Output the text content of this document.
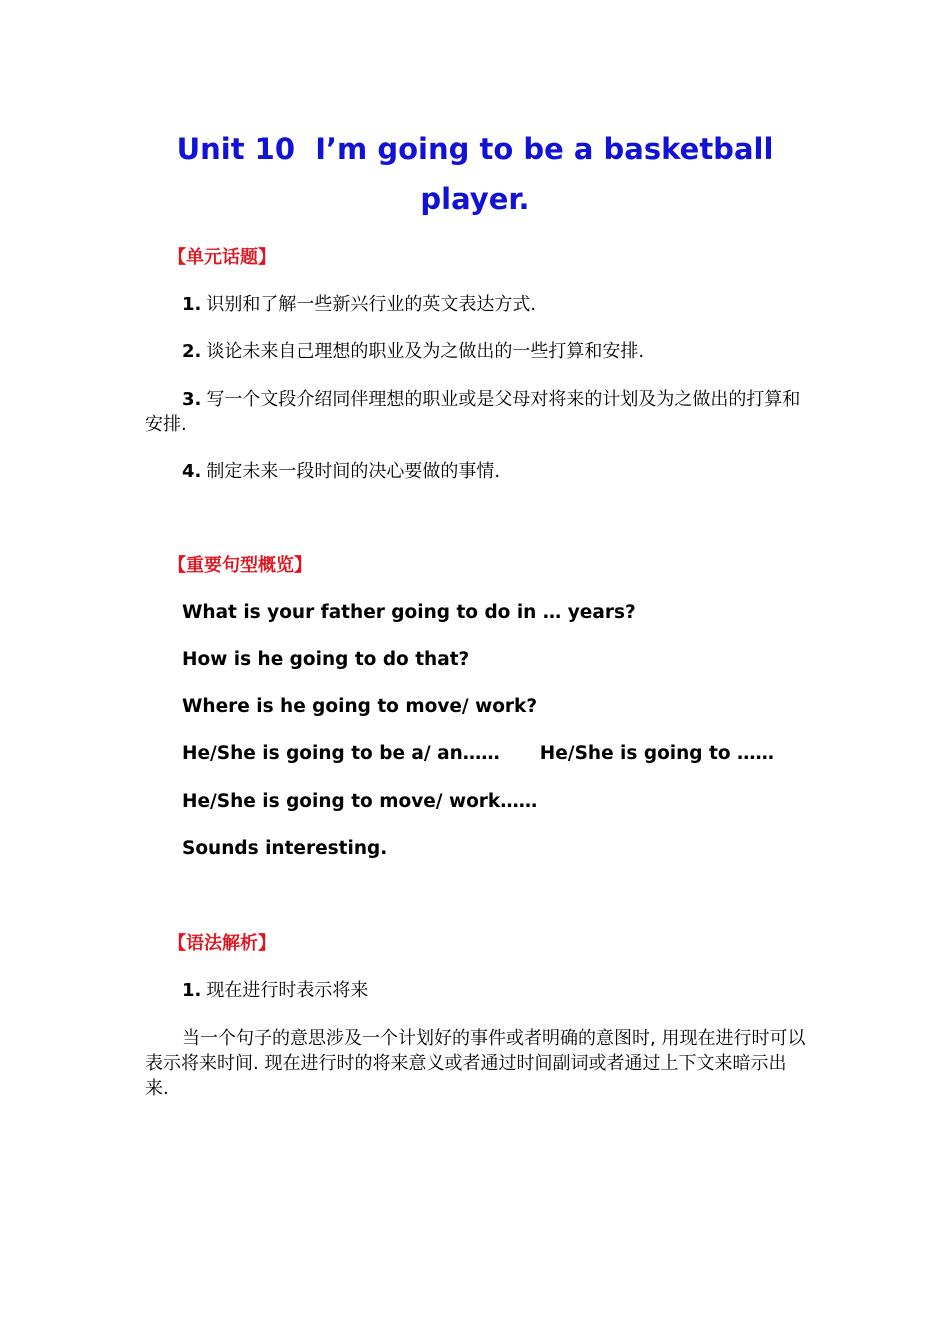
Unit 10  I’m going to be a basketball player.
【单元话题】
1. 识别和了解一些新兴行业的英文表达方式.
2. 谈论未来自己理想的职业及为之做出的一些打算和安排.
3. 写一个文段介绍同伴理想的职业或是父母对将来的计划及为之做出的打算和安排.
4. 制定未来一段时间的决心要做的事情.
【重要句型概览】
What is your father going to do in … years?
How is he going to do that?
Where is he going to move/ work?
He/She is going to be a/ an…… He/She is going to ……
He/She is going to move/ work……
Sounds interesting.
【语法解析】
1. 现在进行时表示将来
当一个句子的意思涉及一个计划好的事件或者明确的意图时, 用现在进行时可以表示将来时间. 现在进行时的将来意义或者通过时间副词或者通过上下文来暗示出来.
